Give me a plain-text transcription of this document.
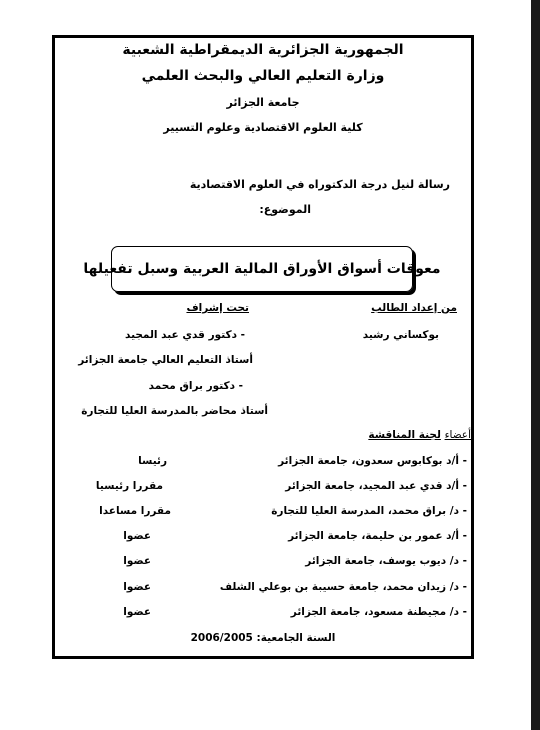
الجمهورية الجزائرية الديمقراطية الشعبية
وزارة التعليم العالي والبحث العلمي
جامعة الجزائر
كلية العلوم الاقتصادية وعلوم التسيير
رسالة لنيل درجة الدكتوراه في العلوم الاقتصادية
الموضوع:
معوقات أسواق الأوراق المالية العربية وسبل تفعيلها
من إعداد الطالب
تحت إشراف
بوكساني رشيد
- دكتور قدي عبد المجيد
أستاذ التعليم العالي جامعة الجزائر
- دكتور براق محمد
أستاذ محاضر بالمدرسة العليا للتجارة
أعضاء لجنة المناقشة
- أ/د بوكابوس سعدون، جامعة الجزائر
رئيسا
- أ/د قدي عبد المجيد، جامعة الجزائر
مقررا رئيسيا
- د/ براق محمد، المدرسة العليا للتجارة
مقررا مساعدا
- أ/د عمور بن حليمة، جامعة الجزائر
عضوا
- د/ ديوب يوسف، جامعة الجزائر
عضوا
- د/ زيدان محمد، جامعة حسيبة بن بوعلي الشلف
عضوا
- د/ مجيطنة مسعود، جامعة الجزائر
عضوا
السنة الجامعية: 2006/2005
